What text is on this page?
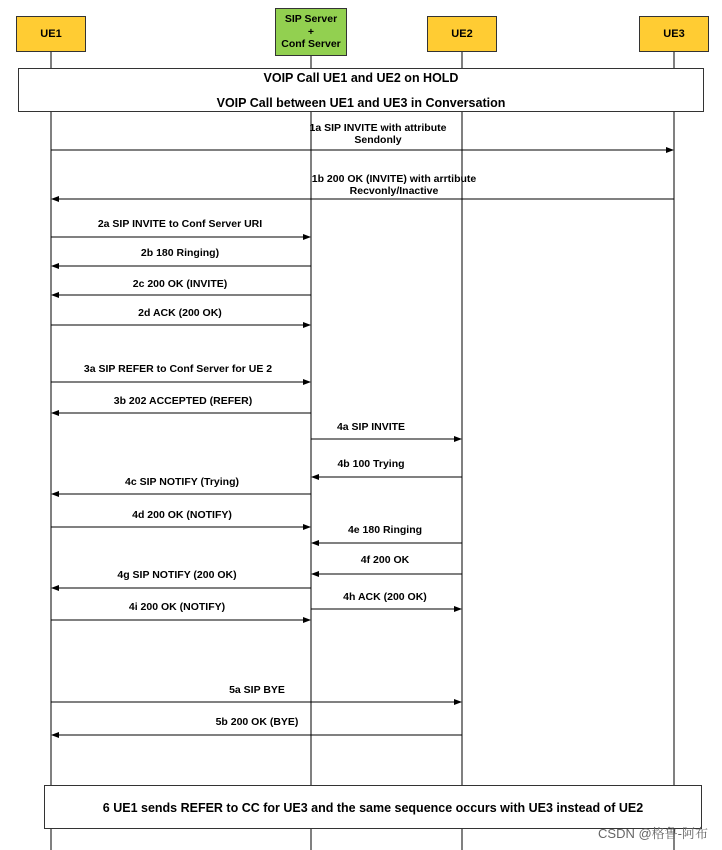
UE1
SIP Server
+
Conf Server
UE2	UE3
VOIP Call UE1 and UE2 on HOLD
VOIP Call between UE1 and UE3 in Conversation
6 UE1 sends REFER to CC for UE3 and the same sequence occurs with UE3 instead of UE2
1a SIP INVITE with attribute
Sendonly
1b 200 OK (INVITE) with arrtibute
Recvonly/Inactive
2a SIP INVITE to Conf Server URI
2b 180 Ringing)
2c 200 OK (INVITE)
2d ACK (200 OK)
3a SIP REFER to Conf Server for UE 2
3b 202 ACCEPTED (REFER)
4a SIP INVITE
4b 100 Trying
4c SIP NOTIFY (Trying)
4d 200 OK (NOTIFY)
4e 180 Ringing
4f 200 OK
4g SIP NOTIFY (200 OK)
4h ACK (200 OK)
4i 200 OK (NOTIFY)
5a SIP BYE
5b 200 OK (BYE)
CSDN @格鲁-阿布
